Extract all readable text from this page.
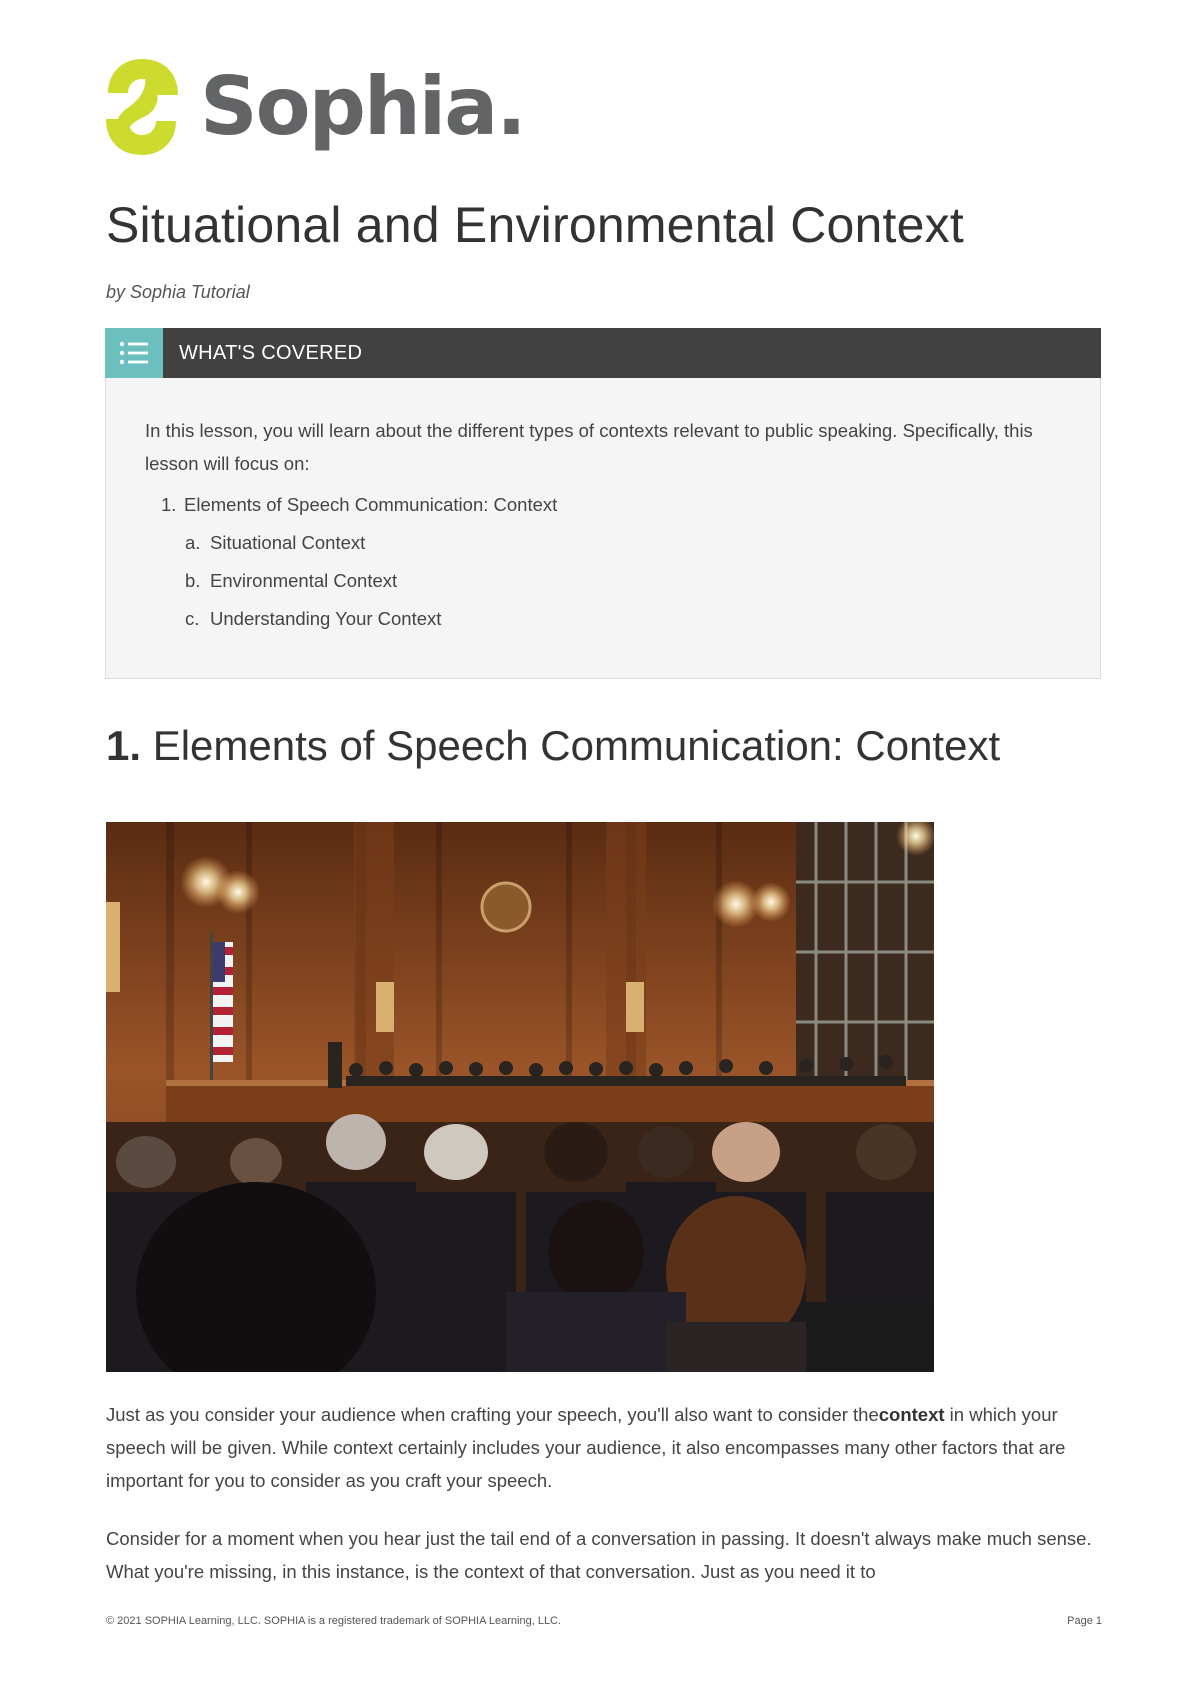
Sophia.
Situational and Environmental Context

by Sophia Tutorial

WHAT'S COVERED

In this lesson, you will learn about the different types of contexts relevant to public speaking. Specifically, this lesson will focus on:

1. Elements of Speech Communication: Context
a. Situational Context
b. Environmental Context
c. Understanding Your Context
1. Elements of Speech Communication: Context

Just as you consider your audience when crafting your speech, you'll also want to consider thecontext in which your speech will be given. While context certainly includes your audience, it also encompasses many other factors that are important for you to consider as you craft your speech.

Consider for a moment when you hear just the tail end of a conversation in passing. It doesn't always make much sense. What you're missing, in this instance, is the context of that conversation. Just as you need it to

© 2021 SOPHIA Learning, LLC. SOPHIA is a registered trademark of SOPHIA Learning, LLC.	Page 1
